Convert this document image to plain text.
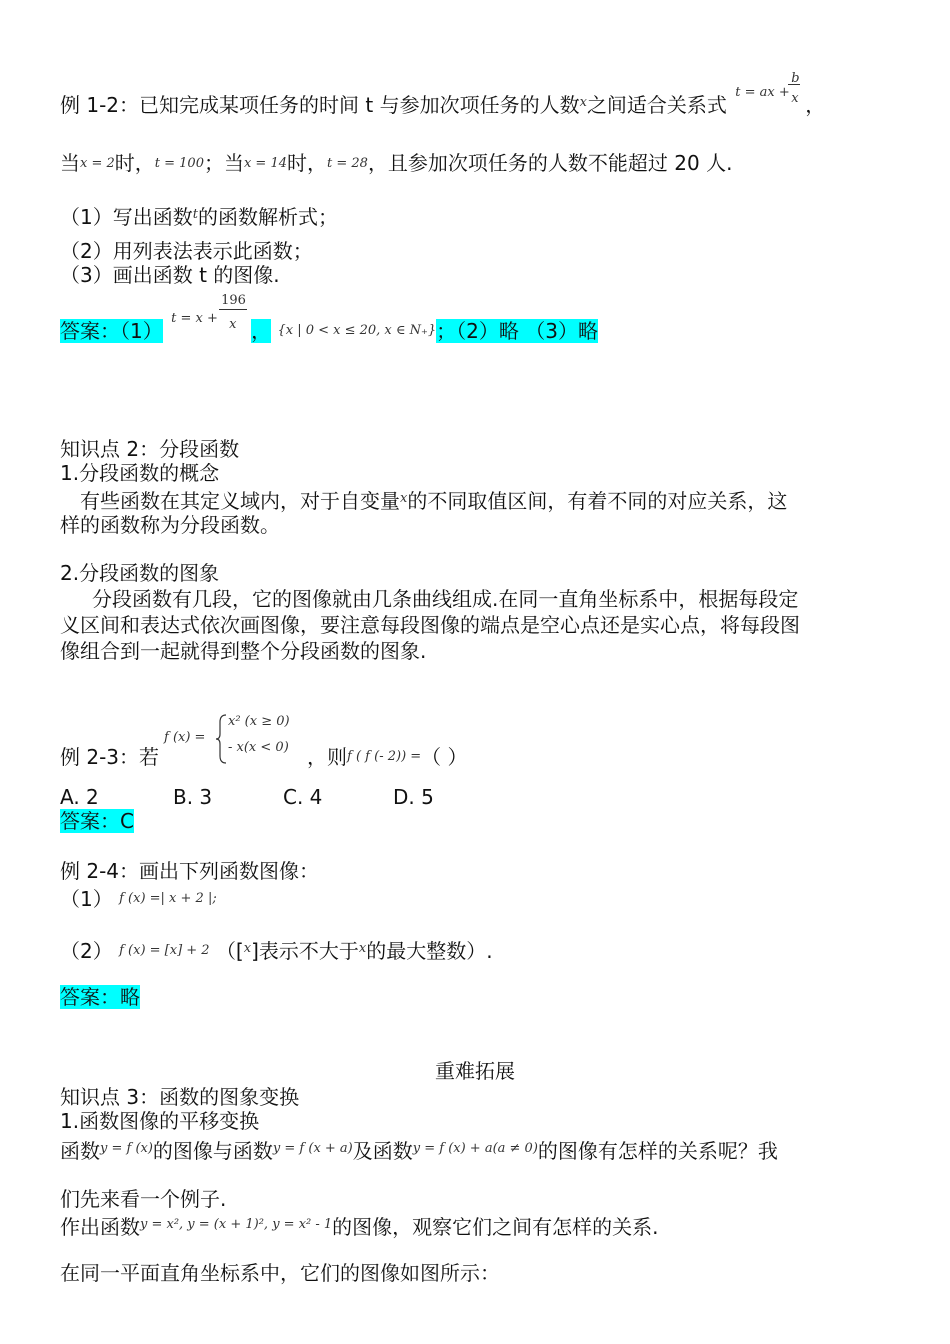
例 1-2：已知完成某项任务的时间 t 与参加次项任务的人数$^x$之间适合关系式
t = ax +
b
x ，
当x = 2时，t = 100；当x = 14时，t = 28，且参加次项任务的人数不能超过 20 人.
（1）写出函数$^t$的函数解析式；
（2）用列表法表示此函数；
（3）画出函数 t 的图像.
答案：（1）
t = x +
196
x ， $^{\{x | 0 < x \le 20, x \in N_+\}}$；（2）略 （3）略
知识点 2：分段函数
1.分段函数的概念
有些函数在其定义域内，对于自变量$^x$的不同取值区间，有着不同的对应关系，这
样的函数称为分段函数。
2.分段函数的图象
分段函数有几段，它的图像就由几条曲线组成.在同一直角坐标系中，根据每段定
义区间和表达式依次画图像，要注意每段图像的端点是空心点还是实心点，将每段图
像组合到一起就得到整个分段函数的图象.
f (x) =
x² (x ≥ 0)
- x(x < 0)
例 2-3：若	，则$^{f ( f (- 2)) =}$（ ）
A. 2	B. 3	C. 4	D. 5
答案：C
例 2-4：画出下列函数图像：
（1） $^{f (x) =| x + 2 |;}$
（2） $^{f (x) = [x] + 2}$ （[$^x$]表示不大于$^x$的最大整数）.
答案：略
重难拓展
知识点 3：函数的图象变换
1.函数图像的平移变换
函数$^{y = f (x)}$的图像与函数$^{y = f (x + a)}$及函数$^{y = f (x) + a(a \ne 0)}$的图像有怎样的关系呢？我
们先来看一个例子.
作出函数$^{y = x^2, y = (x + 1)^2, y = x^2 - 1}$的图像，观察它们之间有怎样的关系.
在同一平面直角坐标系中，它们的图像如图所示：
